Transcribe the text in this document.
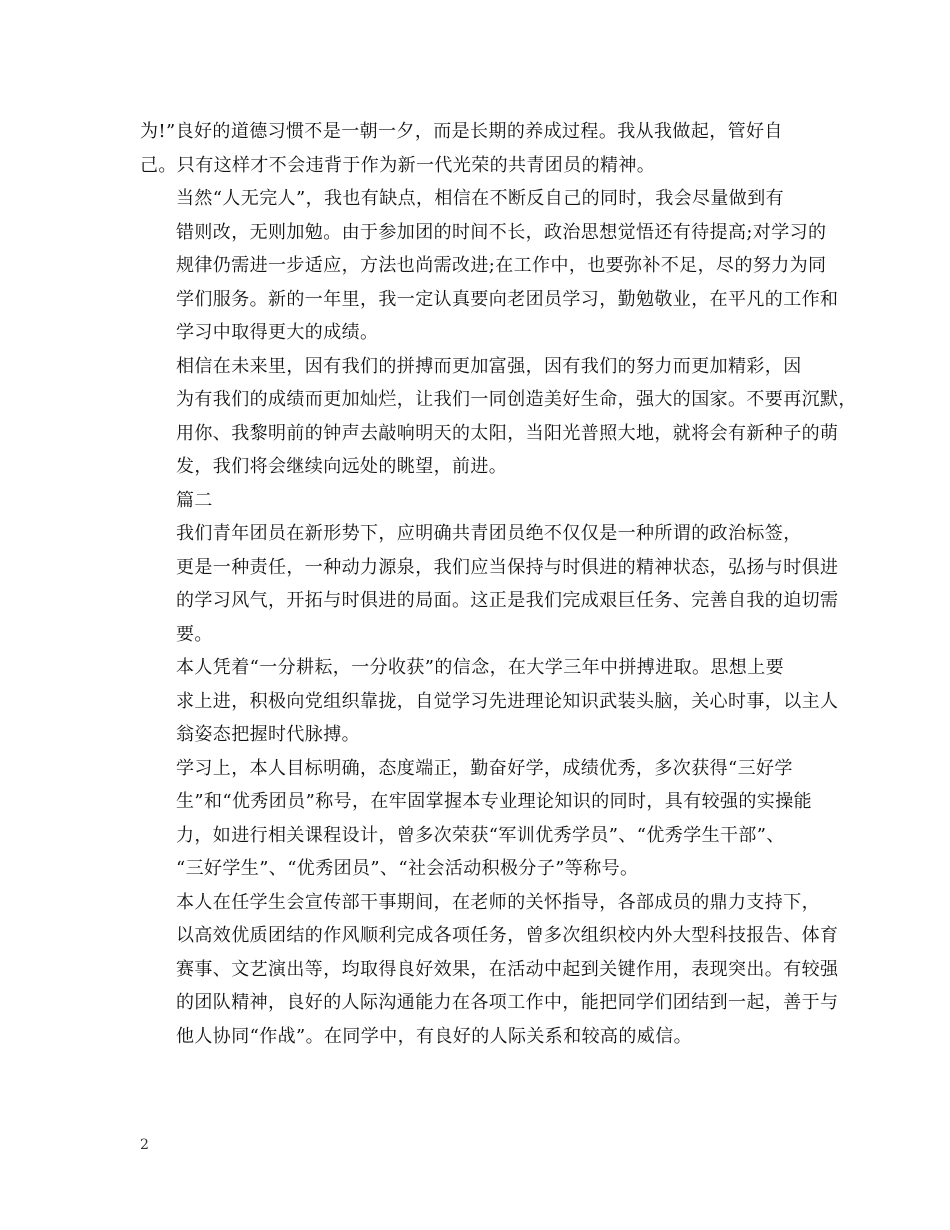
为!”良好的道德习惯不是一朝一夕，而是长期的养成过程。我从我做起，管好自
己。只有这样才不会违背于作为新一代光荣的共青团员的精神。

当然“人无完人”，我也有缺点，相信在不断反自己的同时，我会尽量做到有
错则改，无则加勉。由于参加团的时间不长，政治思想觉悟还有待提高;对学习的
规律仍需进一步适应，方法也尚需改进;在工作中，也要弥补不足，尽的努力为同
学们服务。新的一年里，我一定认真要向老团员学习，勤勉敬业，在平凡的工作和
学习中取得更大的成绩。

相信在未来里，因有我们的拼搏而更加富强，因有我们的努力而更加精彩，因
为有我们的成绩而更加灿烂，让我们一同创造美好生命，强大的国家。不要再沉默，
用你、我黎明前的钟声去敲响明天的太阳，当阳光普照大地，就将会有新种子的萌
发，我们将会继续向远处的眺望，前进。

篇二

我们青年团员在新形势下，应明确共青团员绝不仅仅是一种所谓的政治标签，
更是一种责任，一种动力源泉，我们应当保持与时俱进的精神状态，弘扬与时俱进
的学习风气，开拓与时俱进的局面。这正是我们完成艰巨任务、完善自我的迫切需
要。

本人凭着“一分耕耘，一分收获”的信念，在大学三年中拼搏进取。思想上要
求上进，积极向党组织靠拢，自觉学习先进理论知识武装头脑，关心时事，以主人
翁姿态把握时代脉搏。

学习上，本人目标明确，态度端正，勤奋好学，成绩优秀，多次获得“三好学
生”和“优秀团员”称号，在牢固掌握本专业理论知识的同时，具有较强的实操能
力，如进行相关课程设计，曾多次荣获“军训优秀学员”、“优秀学生干部”、
“三好学生”、“优秀团员”、“社会活动积极分子”等称号。

本人在任学生会宣传部干事期间，在老师的关怀指导，各部成员的鼎力支持下，
以高效优质团结的作风顺利完成各项任务，曾多次组织校内外大型科技报告、体育
赛事、文艺演出等，均取得良好效果，在活动中起到关键作用，表现突出。有较强
的团队精神，良好的人际沟通能力在各项工作中，能把同学们团结到一起，善于与
他人协同“作战”。在同学中，有良好的人际关系和较高的威信。

2
